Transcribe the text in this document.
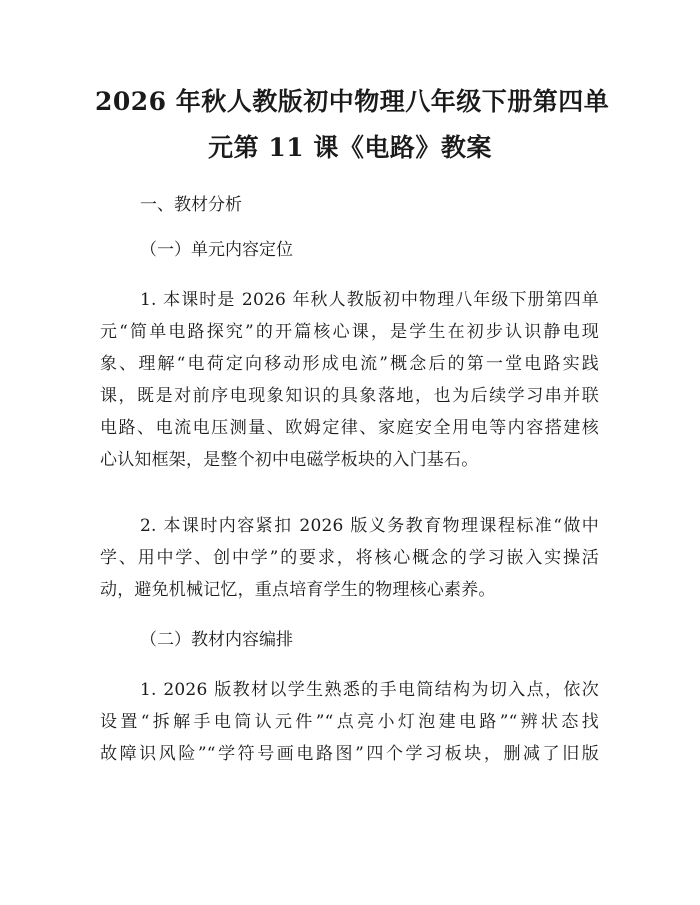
2026 年秋人教版初中物理八年级下册第四单
元第 11 课《电路》教案
一、教材分析
（一）单元内容定位
1. 本课时是 2026 年秋人教版初中物理八年级下册第四单
元“简单电路探究”的开篇核心课，是学生在初步认识静电现
象、理解“电荷定向移动形成电流”概念后的第一堂电路实践
课，既是对前序电现象知识的具象落地，也为后续学习串并联
电路、电流电压测量、欧姆定律、家庭安全用电等内容搭建核
心认知框架，是整个初中电磁学板块的入门基石。
2. 本课时内容紧扣 2026 版义务教育物理课程标准“做中
学、用中学、创中学”的要求，将核心概念的学习嵌入实操活
动，避免机械记忆，重点培育学生的物理核心素养。
（二）教材内容编排
1. 2026 版教材以学生熟悉的手电筒结构为切入点，依次
设置“拆解手电筒认元件”“点亮小灯泡建电路”“辨状态找
故障识风险”“学符号画电路图”四个学习板块，删减了旧版
